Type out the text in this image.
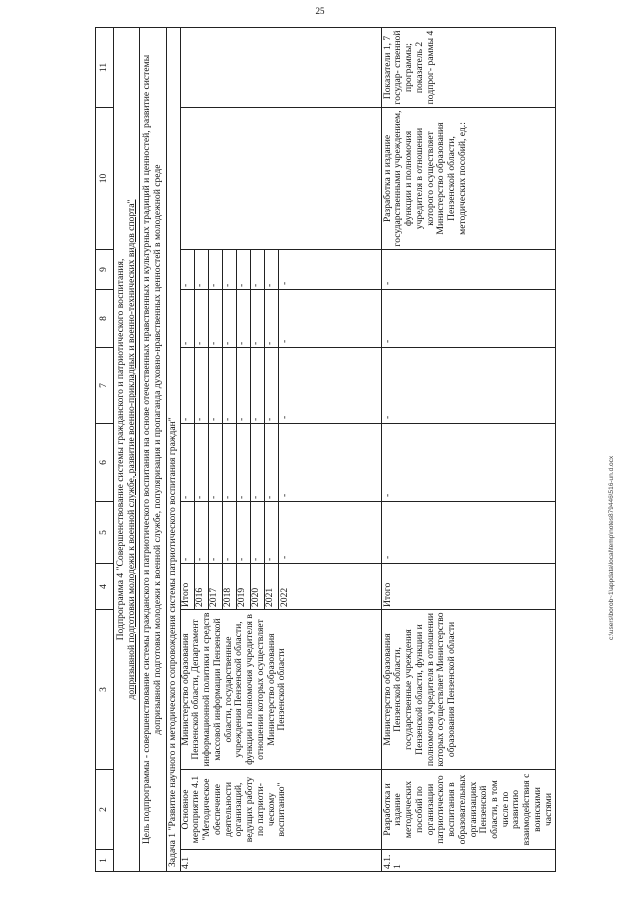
25
1	2	3	4	5	6	7	8	9	10	11

Подпрограмма 4 "Совершенствование системы гражданского и патриотического воспитания, допризывной подготовки молодежи к военной службе, развитие военно-прикладных и военно-технических видов спорта"										

Цель подпрограммы - совершенствование системы гражданского и патриотического воспитания на основе отечественных нравственных и культурных традиций и ценностей, развитие системы допризывной подготовки молодежи к военной службе, популяризация и пропаганда духовно-нравственных ценностей в молодежной среде										
Задача 1 "Развитие научного и методического сопровождения системы патриотического воспитания граждан"										
4.1	Основное мероприятие 4.1 "Методическое обеспечение деятельности организаций, ведущих работу по патриоти- ческому воспитанию"	Министерство образования Пензенской области, Департамент информационной политики и средств массовой информации Пензенской области, государственные учреждения Пензенской области, функции и полномочия учредителя в отношении которых осуществляет Министерство образования Пензенской области	Итого	-	-	-	-	-		
			2016	-	-	-	-	-		
			2017	-	-	-	-	-		
			2018	-	-	-	-	-		
			2019	-	-	-	-	-		
			2020	-	-	-	-	-		
			2021	-	-	-	-	-		
			2022	-	-	-	-	-		
4.1.1	Разработка и издание методических пособий по организации патриотического воспитания в образовательных организациях Пензенской области, в том числе по развитию взаимодействия с воинскими частями	Министерство образования Пензенской области, государственные учреждения Пензенской области, функции и полномочия учредителя в отношении которых осуществляет Министерство образования Пензенской области	Итого	-	-	-	-	-	Разработка и издание государственными учреждением, функции и полномочия учредителя в отношении которого осуществляет Министерство образования Пензенской области, методических пособий, ед.:	Показатели 1, 7 государ- ственной программы; показатель 2 подпрог- раммы 4
c:\users\borob~1\appdata\local\temp\notes879446\516-un.d.ocx
